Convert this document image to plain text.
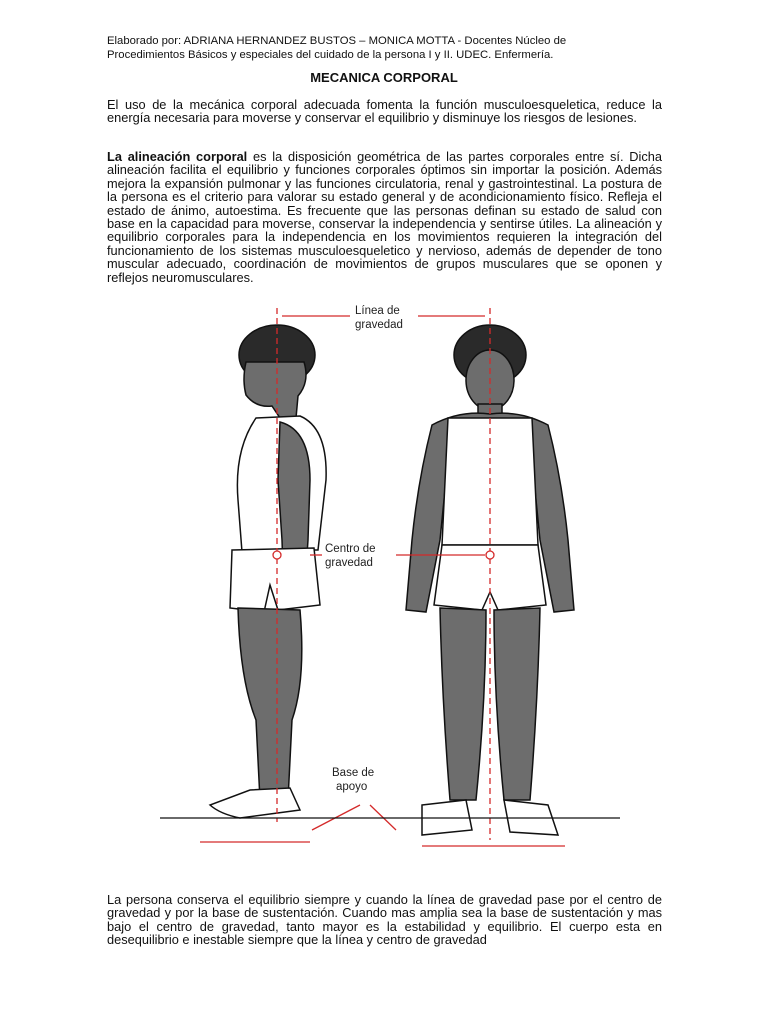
Elaborado por: ADRIANA HERNANDEZ BUSTOS – MONICA MOTTA - Docentes Núcleo de
Procedimientos Básicos y especiales del cuidado de la persona I y II. UDEC. Enfermería.
MECANICA CORPORAL
El uso de la mecánica corporal adecuada fomenta la función musculoesqueletica, reduce la energía necesaria para moverse y conservar el equilibrio y disminuye los riesgos de lesiones.
La alineación corporal es la disposición geométrica de las partes corporales entre sí. Dicha alineación facilita el equilibrio y funciones corporales óptimos sin importar la posición. Además mejora la expansión pulmonar y las funciones circulatoria, renal y gastrointestinal. La postura de la persona es el criterio para valorar su estado general y de acondicionamiento físico. Refleja el estado de ánimo, autoestima. Es frecuente que las personas definan su estado de salud con base en la capacidad para moverse, conservar la independencia y sentirse útiles. La alineación y equilibrio corporales para la independencia en los movimientos requieren la integración del funcionamiento de los sistemas musculoesqueletico y nervioso, además de depender de tono muscular adecuado, coordinación de movimientos de grupos musculares que se oponen y reflejos neuromusculares.
Línea de
gravedad
Centro de
gravedad
Base de
apoyo
La persona conserva el equilibrio siempre y cuando la línea de gravedad pase por el centro de gravedad y por la base de sustentación. Cuando mas amplia sea la base de sustentación y mas bajo el centro de gravedad, tanto mayor es la estabilidad y equilibrio. El cuerpo esta en desequilibrio e inestable siempre que la línea y centro de gravedad
